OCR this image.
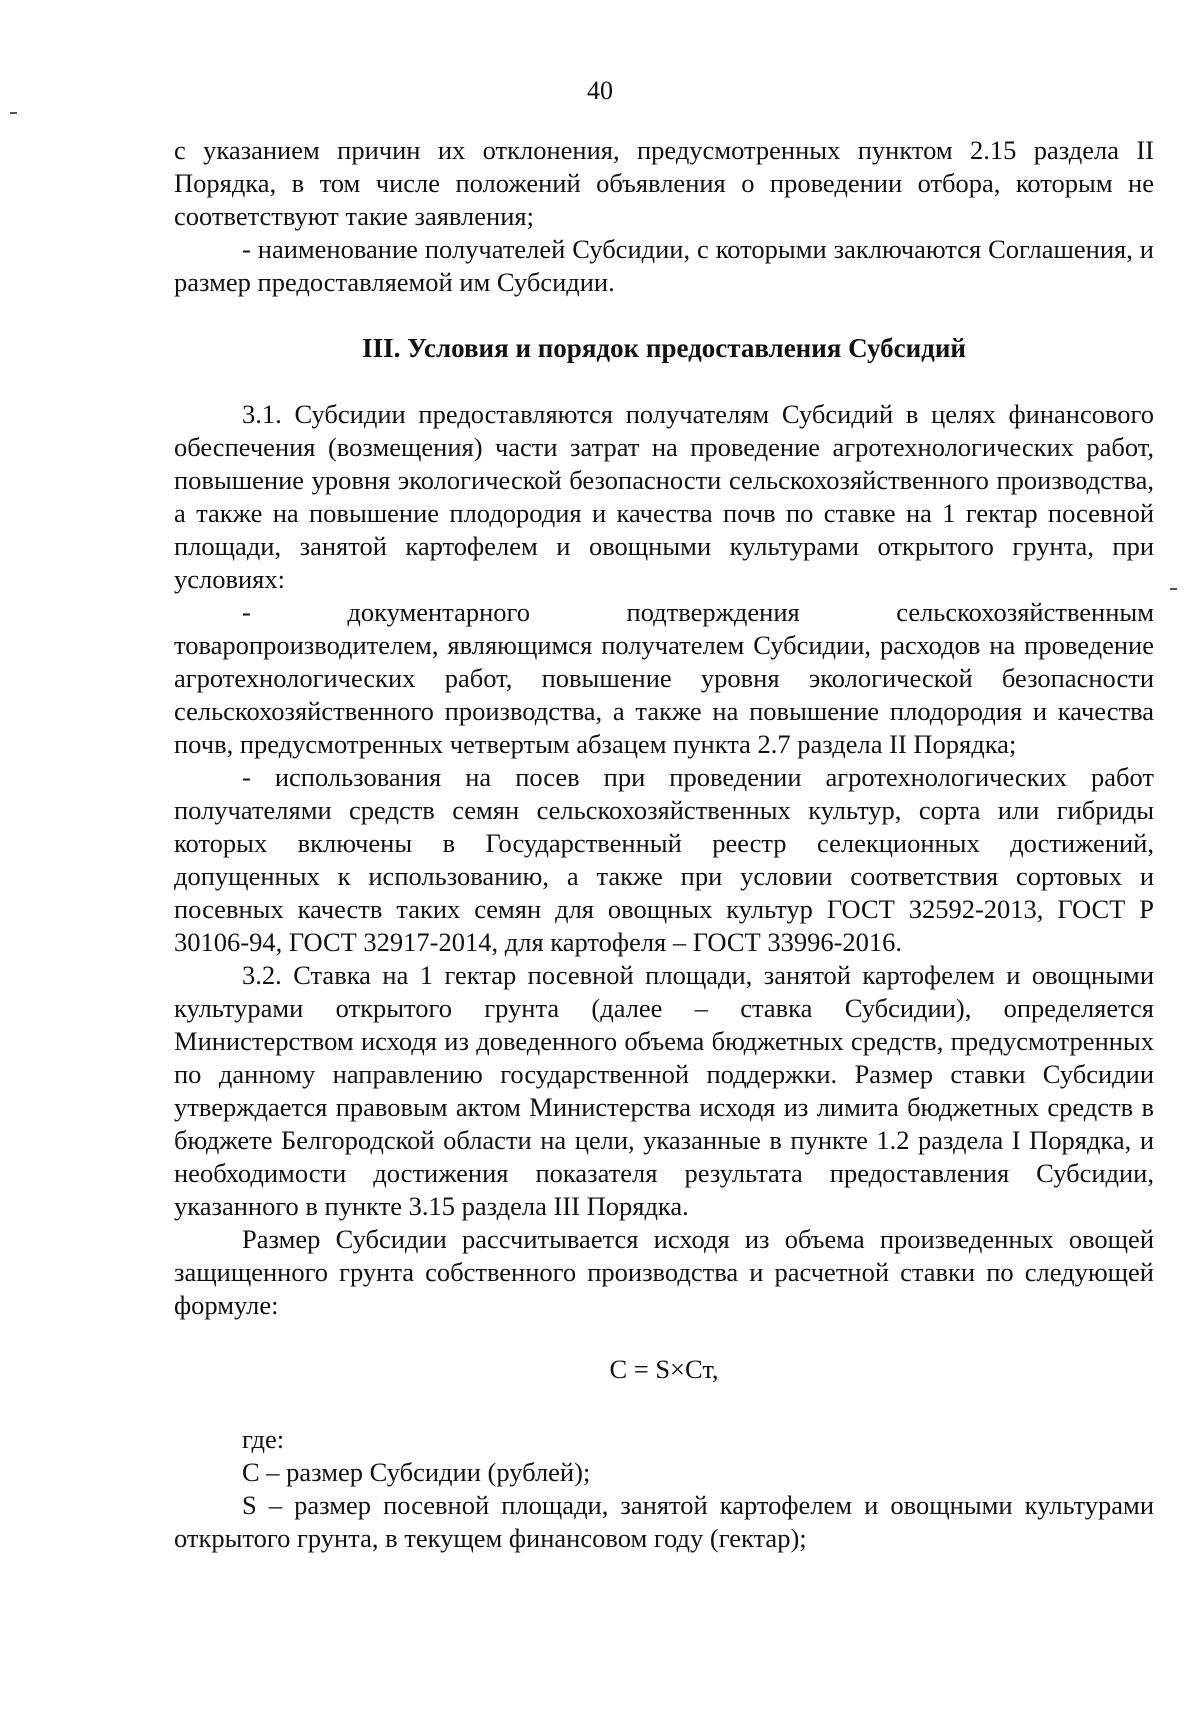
40

с указанием причин их отклонения, предусмотренных пунктом 2.15 раздела II Порядка, в том числе положений объявления о проведении отбора, которым не соответствуют такие заявления;

- наименование получателей Субсидии, с которыми заключаются Соглашения, и размер предоставляемой им Субсидии.

III. Условия и порядок предоставления Субсидий

3.1. Субсидии предоставляются получателям Субсидий в целях финансового обеспечения (возмещения) части затрат на проведение агротехнологических работ, повышение уровня экологической безопасности сельскохозяйственного производства, а также на повышение плодородия и качества почв по ставке на 1 гектар посевной площади, занятой картофелем и овощными культурами открытого грунта, при условиях:

- документарного подтверждения сельскохозяйственным товаропроизводителем, являющимся получателем Субсидии, расходов на проведение агротехнологических работ, повышение уровня экологической безопасности сельскохозяйственного производства, а также на повышение плодородия и качества почв, предусмотренных четвертым абзацем пункта 2.7 раздела II Порядка;

- использования на посев при проведении агротехнологических работ получателями средств семян сельскохозяйственных культур, сорта или гибриды которых включены в Государственный реестр селекционных достижений, допущенных к использованию, а также при условии соответствия сортовых и посевных качеств таких семян для овощных культур ГОСТ 32592-2013, ГОСТ Р 30106-94, ГОСТ 32917-2014, для картофеля – ГОСТ 33996-2016.

3.2. Ставка на 1 гектар посевной площади, занятой картофелем и овощными культурами открытого грунта (далее – ставка Субсидии), определяется Министерством исходя из доведенного объема бюджетных средств, предусмотренных по данному направлению государственной поддержки. Размер ставки Субсидии утверждается правовым актом Министерства исходя из лимита бюджетных средств в бюджете Белгородской области на цели, указанные в пункте 1.2 раздела I Порядка, и необходимости достижения показателя результата предоставления Субсидии, указанного в пункте 3.15 раздела III Порядка.

Размер Субсидии рассчитывается исходя из объема произведенных овощей защищенного грунта собственного производства и расчетной ставки по следующей формуле:

С = S×Ст,

где:

С – размер Субсидии (рублей);

S – размер посевной площади, занятой картофелем и овощными культурами открытого грунта, в текущем финансовом году (гектар);
